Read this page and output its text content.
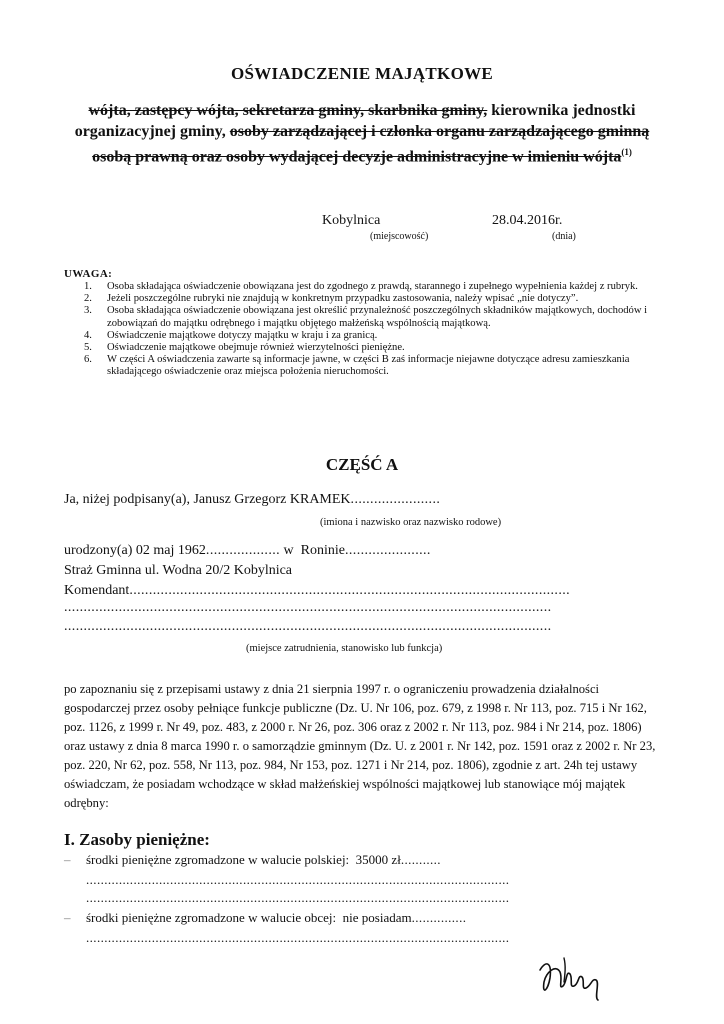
OŚWIADCZENIE MAJĄTKOWE
wójta, zastępcy wójta, sekretarza gminy, skarbnika gminy, kierownika jednostki organizacyjnej gminy, osoby zarządzającej i członka organu zarządzającego gminną osobą prawną oraz osoby wydającej decyzje administracyjne w imieniu wójta$^{(1)}$
Kobylnica
(miejscowość)
28.04.2016r.
(dnia)
UWAGA:
1. Osoba składająca oświadczenie obowiązana jest do zgodnego z prawdą, starannego i zupełnego wypełnienia każdej z rubryk.
2. Jeżeli poszczególne rubryki nie znajdują w konkretnym przypadku zastosowania, należy wpisać „nie dotyczy”.
3. Osoba składająca oświadczenie obowiązana jest określić przynależność poszczególnych składników majątkowych, dochodów i zobowiązań do majątku odrębnego i majątku objętego małżeńską wspólnością majątkową.
4. Oświadczenie majątkowe dotyczy majątku w kraju i za granicą.
5. Oświadczenie majątkowe obejmuje również wierzytelności pieniężne.
6. W części A oświadczenia zawarte są informacje jawne, w części B zaś informacje niejawne dotyczące adresu zamieszkania składającego oświadczenie oraz miejsca położenia nieruchomości.
CZĘŚĆ A
Ja, niżej podpisany(a), Janusz Grzegorz KRAMEK.......................
(imiona i nazwisko oraz nazwisko rodowe)
urodzony(a) 02 maj 1962................... w Roninie......................
Straż Gminna ul. Wodna 20/2 Kobylnica
Komendant.................................................................................................................
.............................................................................................................................
.............................................................................................................................
(miejsce zatrudnienia, stanowisko lub funkcja)
po zapoznaniu się z przepisami ustawy z dnia 21 sierpnia 1997 r. o ograniczeniu prowadzenia działalności gospodarczej przez osoby pełniące funkcje publiczne (Dz. U. Nr 106, poz. 679, z 1998 r. Nr 113, poz. 715 i Nr 162, poz. 1126, z 1999 r. Nr 49, poz. 483, z 2000 r. Nr 26, poz. 306 oraz z 2002 r. Nr 113, poz. 984 i Nr 214, poz. 1806) oraz ustawy z dnia 8 marca 1990 r. o samorządzie gminnym (Dz. U. z 2001 r. Nr 142, poz. 1591 oraz z 2002 r. Nr 23, poz. 220, Nr 62, poz. 558, Nr 113, poz. 984, Nr 153, poz. 1271 i Nr 214, poz. 1806), zgodnie z art. 24h tej ustawy oświadczam, że posiadam wchodzące w skład małżeńskiej wspólności majątkowej lub stanowiące mój majątek odrębny:
I. Zasoby pieniężne:
– środki pieniężne zgromadzone w walucie polskiej: 35000 zł...........
....................................................................................................................
....................................................................................................................
– środki pieniężne zgromadzone w walucie obcej: nie posiadam...............
....................................................................................................................
